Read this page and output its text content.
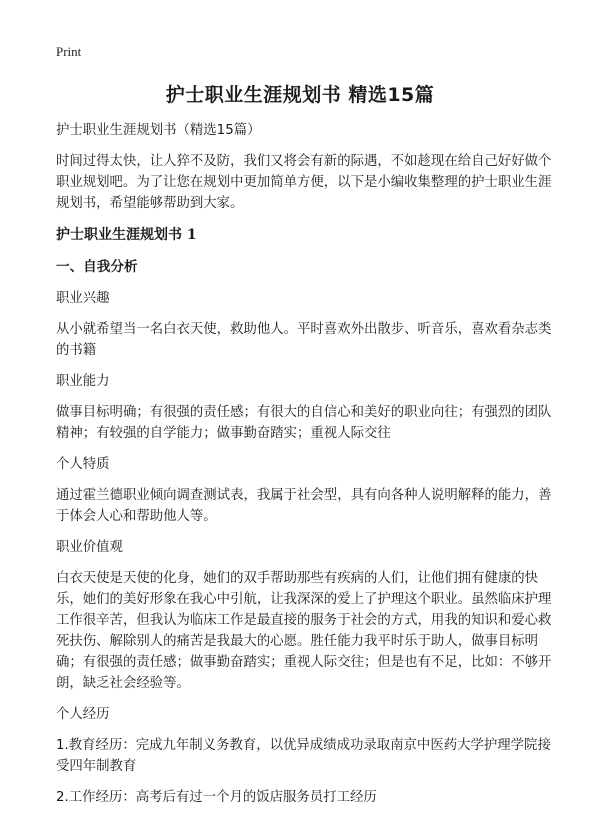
Print
护士职业生涯规划书 精选15篇

护士职业生涯规划书（精选15篇）

时间过得太快，让人猝不及防，我们又将会有新的际遇，不如趁现在给自己好好做个职业规划吧。为了让您在规划中更加简单方便，以下是小编收集整理的护士职业生涯规划书，希望能够帮助到大家。

护士职业生涯规划书 1

一、自我分析

职业兴趣

从小就希望当一名白衣天使，救助他人。平时喜欢外出散步、听音乐，喜欢看杂志类的书籍

职业能力

做事目标明确；有很强的责任感；有很大的自信心和美好的职业向往；有强烈的团队精神；有较强的自学能力；做事勤奋踏实；重视人际交往

个人特质

通过霍兰德职业倾向调查测试表，我属于社会型，具有向各种人说明解释的能力，善于体会人心和帮助他人等。

职业价值观

白衣天使是天使的化身，她们的双手帮助那些有疾病的人们，让他们拥有健康的快乐，她们的美好形象在我心中引航，让我深深的爱上了护理这个职业。虽然临床护理工作很辛苦，但我认为临床工作是最直接的服务于社会的方式，用我的知识和爱心救死扶伤、解除别人的痛苦是我最大的心愿。胜任能力我平时乐于助人，做事目标明确；有很强的责任感；做事勤奋踏实；重视人际交往；但是也有不足，比如：不够开朗，缺乏社会经验等。

个人经历

1.教育经历：完成九年制义务教育，以优异成绩成功录取南京中医药大学护理学院接受四年制教育

2.工作经历：高考后有过一个月的饭店服务员打工经历
